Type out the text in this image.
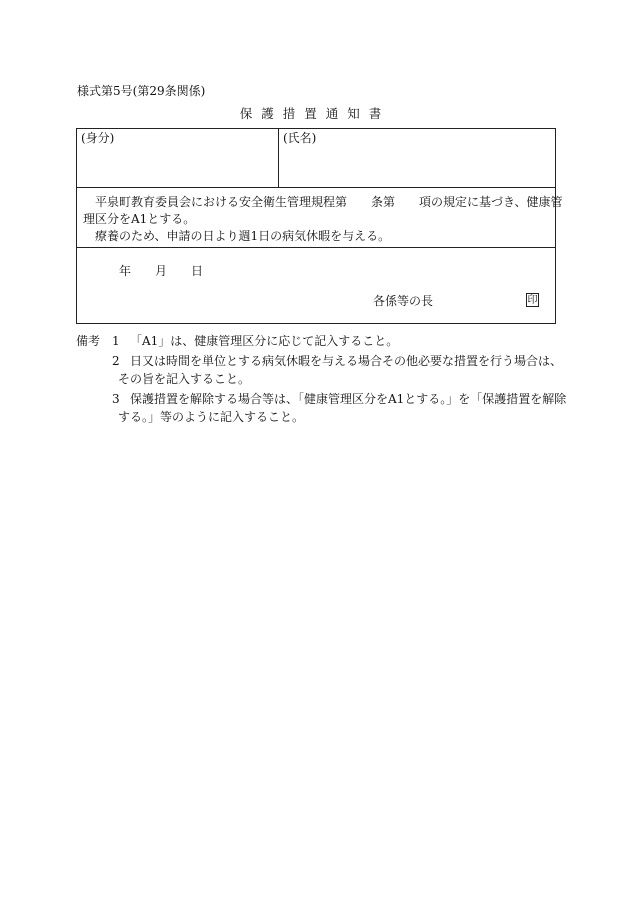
様式第5号(第29条関係)
保護措置通知書
(身分)	(氏名)
平泉町教育委員会における安全衛生管理規程第　　条第　　項の規定に基づき、健康管
理区分をA1とする。
療養のため、申請の日より週1日の病気休暇を与える。
年 月 日
各係等の長	印
備考 1 「A1」は、健康管理区分に応じて記入すること。
2 日又は時間を単位とする病気休暇を与える場合その他必要な措置を行う場合は、
その旨を記入すること。
3 保護措置を解除する場合等は、「健康管理区分をA1とする。」を「保護措置を解除
する。」等のように記入すること。
